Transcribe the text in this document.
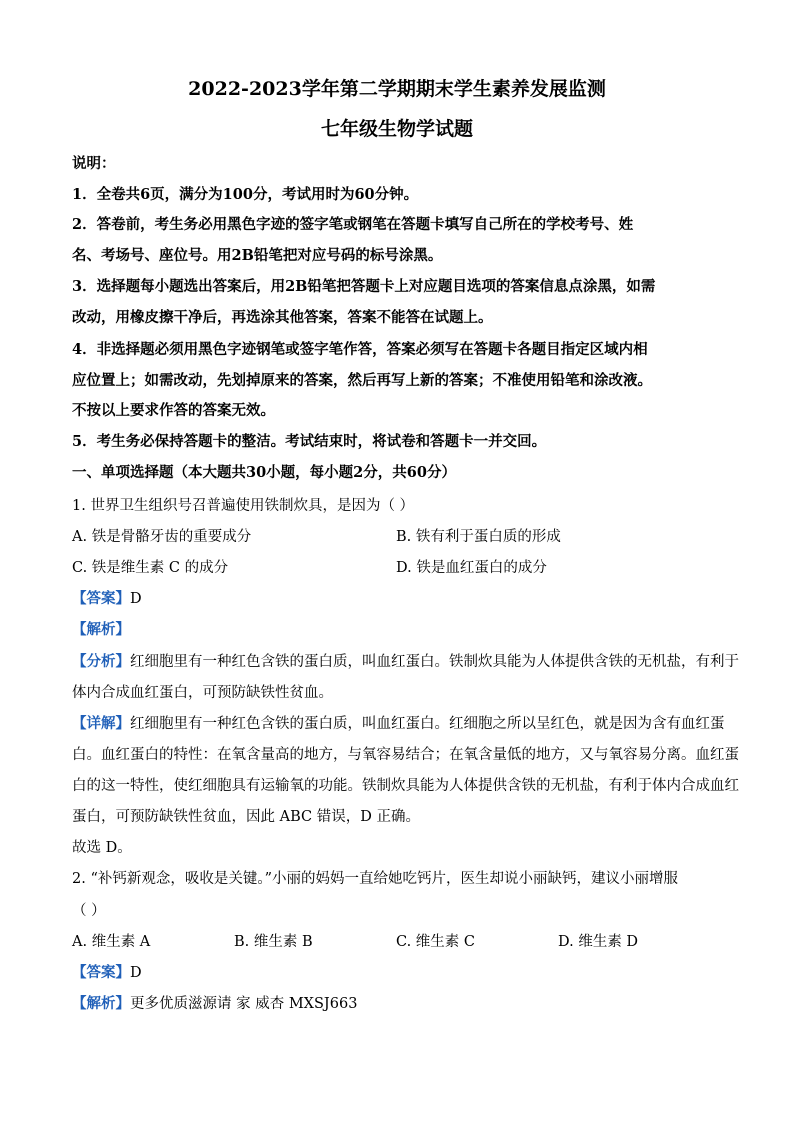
2022-2023学年第二学期期末学生素养发展监测
七年级生物学试题
说明：
1．全卷共6页，满分为100分，考试用时为60分钟。
2．答卷前，考生务必用黑色字迹的签字笔或钢笔在答题卡填写自己所在的学校考号、姓
名、考场号、座位号。用2B铅笔把对应号码的标号涂黑。
3．选择题每小题选出答案后，用2B铅笔把答题卡上对应题目选项的答案信息点涂黑，如需
改动，用橡皮擦干净后，再选涂其他答案，答案不能答在试题上。
4．非选择题必须用黑色字迹钢笔或签字笔作答，答案必须写在答题卡各题目指定区域内相
应位置上；如需改动，先划掉原来的答案，然后再写上新的答案；不准使用铅笔和涂改液。
不按以上要求作答的答案无效。
5．考生务必保持答题卡的整洁。考试结束时，将试卷和答题卡一并交回。
一、单项选择题（本大题共30小题，每小题2分，共60分）
1. 世界卫生组织号召普遍使用铁制炊具，是因为（ ）
A. 铁是骨骼牙齿的重要成分	B. 铁有利于蛋白质的形成
C. 铁是维生素 C 的成分	D. 铁是血红蛋白的成分
【答案】D
【解析】
【分析】红细胞里有一种红色含铁的蛋白质，叫血红蛋白。铁制炊具能为人体提供含铁的无机盐，有利于
体内合成血红蛋白，可预防缺铁性贫血。
【详解】红细胞里有一种红色含铁的蛋白质，叫血红蛋白。红细胞之所以呈红色，就是因为含有血红蛋
白。血红蛋白的特性：在氧含量高的地方，与氧容易结合；在氧含量低的地方，又与氧容易分离。血红蛋
白的这一特性，使红细胞具有运输氧的功能。铁制炊具能为人体提供含铁的无机盐，有利于体内合成血红
蛋白，可预防缺铁性贫血，因此 ABC 错误，D 正确。
故选 D。
2. “补钙新观念，吸收是关键。”小丽的妈妈一直给她吃钙片，医生却说小丽缺钙，建议小丽增服
（ ）
A. 维生素 A	B. 维生素 B	C. 维生素 C	D. 维生素 D
【答案】D
【解析】更多优质滋源请 家 威杏 MXSJ663
